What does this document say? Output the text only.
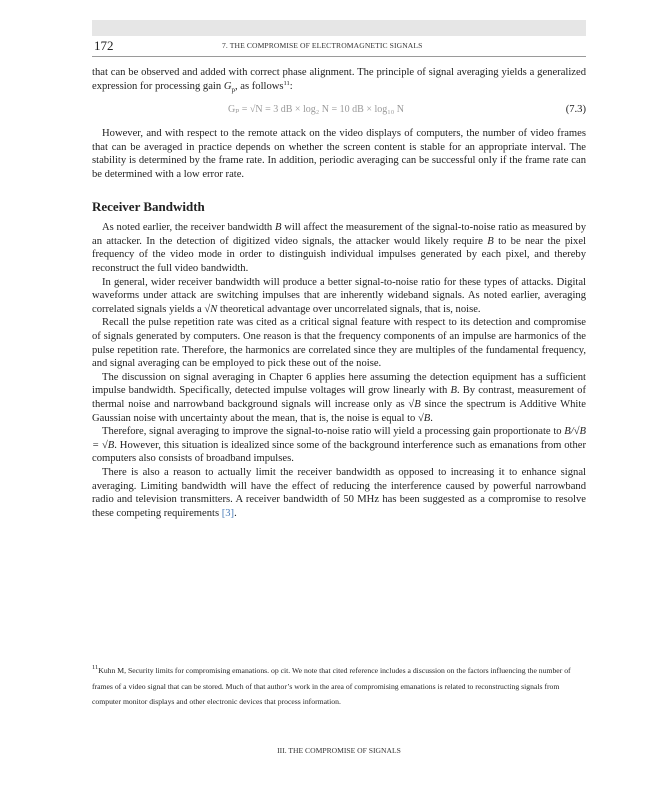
172	7. THE COMPROMISE OF ELECTROMAGNETIC SIGNALS

that can be observed and added with correct phase alignment. The principle of signal averaging yields a generalized expression for processing gain $G_p$, as follows$^{11}$:

Gₚ = √N = 3 dB × log₂ N = 10 dB × log₁₀ N	(7.3)

However, and with respect to the remote attack on the video displays of computers, the number of video frames that can be averaged in practice depends on whether the screen content is stable for an appropriate interval. The stability is determined by the frame rate. In addition, periodic averaging can be successful only if the frame rate can be determined with a low error rate.

Receiver Bandwidth

As noted earlier, the receiver bandwidth B will affect the measurement of the signal-to-noise ratio as measured by an attacker. In the detection of digitized video signals, the attacker would likely require B to be near the pixel frequency of the video mode in order to distinguish individual impulses generated by each pixel, and thereby reconstruct the full video bandwidth.

In general, wider receiver bandwidth will produce a better signal-to-noise ratio for these types of attacks. Digital waveforms under attack are switching impulses that are inherently wideband signals. As noted earlier, averaging correlated signals yields a √N theoretical advantage over uncorrelated signals, that is, noise.

Recall the pulse repetition rate was cited as a critical signal feature with respect to its detection and compromise of signals generated by computers. One reason is that the frequency components of an impulse are harmonics of the pulse repetition rate. Therefore, the harmonics are correlated since they are multiples of the fundamental frequency, and signal averaging can be employed to pick these out of the noise.

The discussion on signal averaging in Chapter 6 applies here assuming the detection equipment has a sufficient impulse bandwidth. Specifically, detected impulse voltages will grow linearly with B. By contrast, measurement of thermal noise and narrowband background signals will increase only as √B since the spectrum is Additive White Gaussian noise with uncertainty about the mean, that is, the noise is equal to √B.

Therefore, signal averaging to improve the signal-to-noise ratio will yield a processing gain proportionate to B/√B = √B. However, this situation is idealized since some of the background interference such as emanations from other computers also consists of broadband impulses.

There is also a reason to actually limit the receiver bandwidth as opposed to increasing it to enhance signal averaging. Limiting bandwidth will have the effect of reducing the interference caused by powerful narrowband radio and television transmitters. A receiver bandwidth of 50 MHz has been suggested as a compromise to resolve these competing requirements [3].

$^{11}$Kuhn M, Security limits for compromising emanations. op cit. We note that cited reference includes a discussion on the factors influencing the number of frames of a video signal that can be stored. Much of that author’s work in the area of compromising emanations is related to reconstructing signals from computer monitor displays and other electronic devices that process information.
III. THE COMPROMISE OF SIGNALS
